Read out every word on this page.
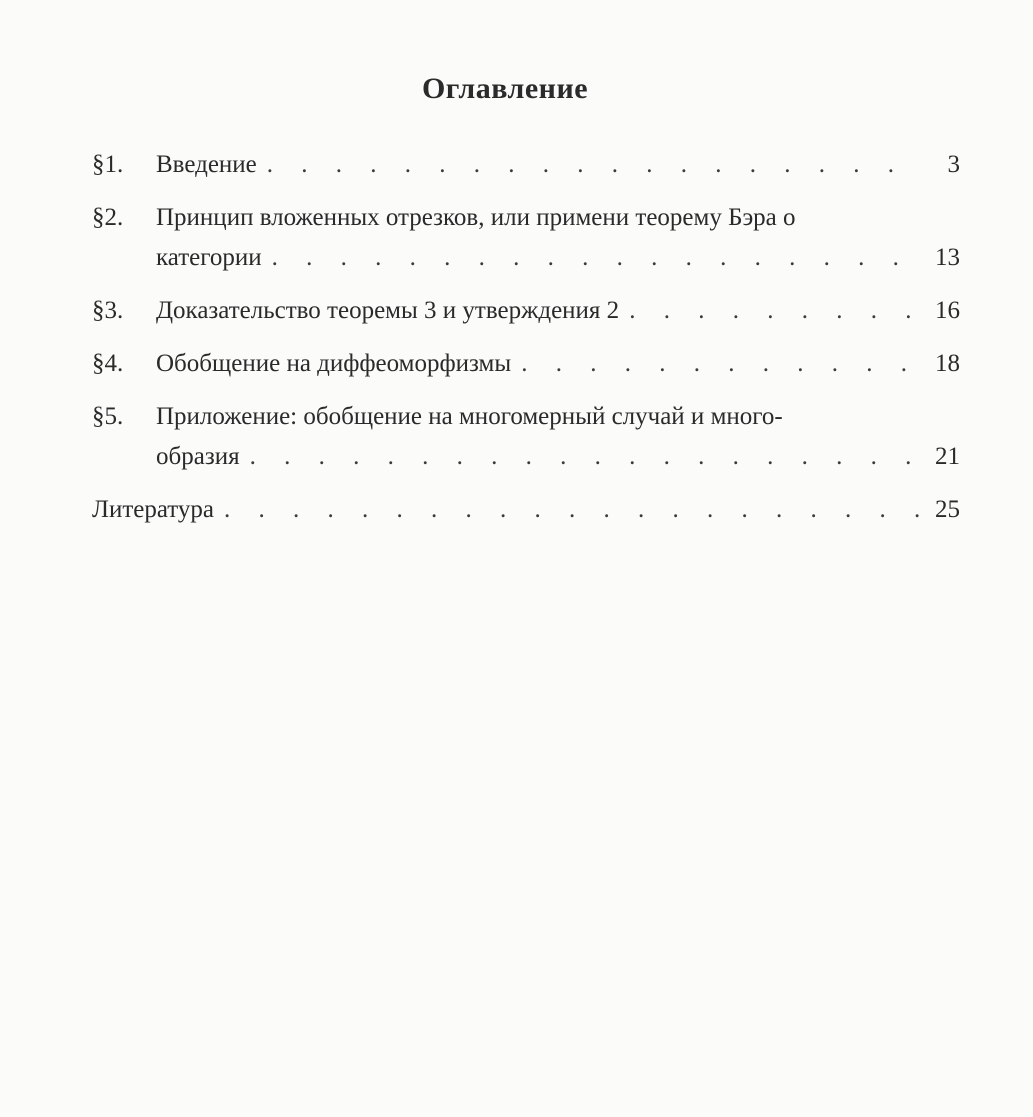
Оглавление
§1.	Введение . . .	3
§2.	Принцип вложенных отрезков, или примени теорему Бэра о
категории . . .	13
§3.	Доказательство теоремы 3 и утверждения 2 . . .	16
§4.	Обобщение на диффеоморфизмы . . .	18
§5.	Приложение: обобщение на многомерный случай и много-
образия . . .	21
Литература . . .	25
